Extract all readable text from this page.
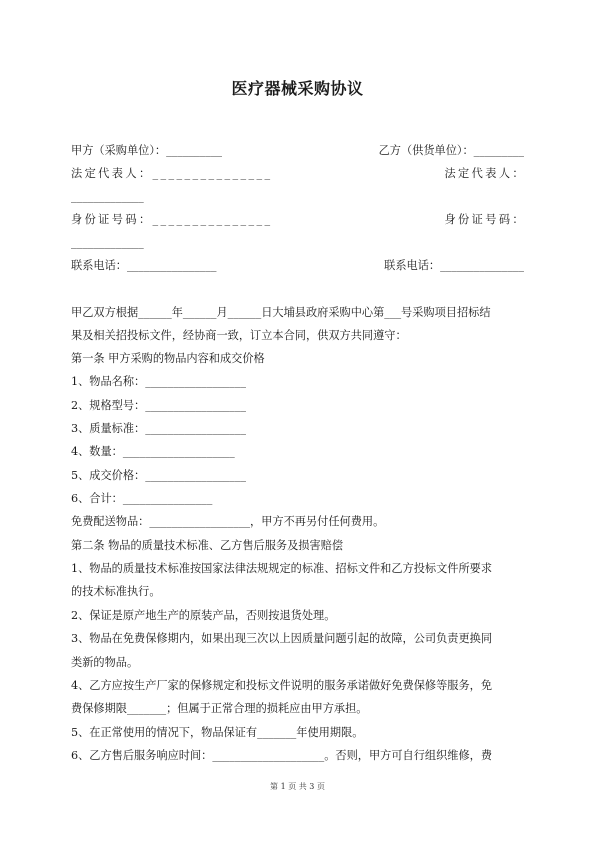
医疗器械采购协议
甲方（采购单位）：__________	乙方（供货单位）：_________
法定代表人：_______________	法定代表人：
_____________
身份证号码：_______________	身份证号码：
_____________
联系电话：________________	联系电话：_______________
甲乙双方根据______年______月______日大埔县政府采购中心第___号采购项目招标结
果及相关招投标文件，经协商一致，订立本合同，供双方共同遵守：
第一条 甲方采购的物品内容和成交价格
1、物品名称：__________________
2、规格型号：__________________
3、质量标准：__________________
4、数量：____________________
5、成交价格：__________________
6、合计：________________
免费配送物品：__________________，甲方不再另付任何费用。
第二条 物品的质量技术标准、乙方售后服务及损害赔偿
1、物品的质量技术标准按国家法律法规规定的标准、招标文件和乙方投标文件所要求
的技术标准执行。
2、保证是原产地生产的原装产品，否则按退货处理。
3、物品在免费保修期内，如果出现三次以上因质量问题引起的故障，公司负责更换同
类新的物品。
4、乙方应按生产厂家的保修规定和投标文件说明的服务承诺做好免费保修等服务，免
费保修期限_______；但属于正常合理的损耗应由甲方承担。
5、在正常使用的情况下，物品保证有_______年使用期限。
6、乙方售后服务响应时间：____________________。否则，甲方可自行组织维修，费
第 1 页 共 3 页
